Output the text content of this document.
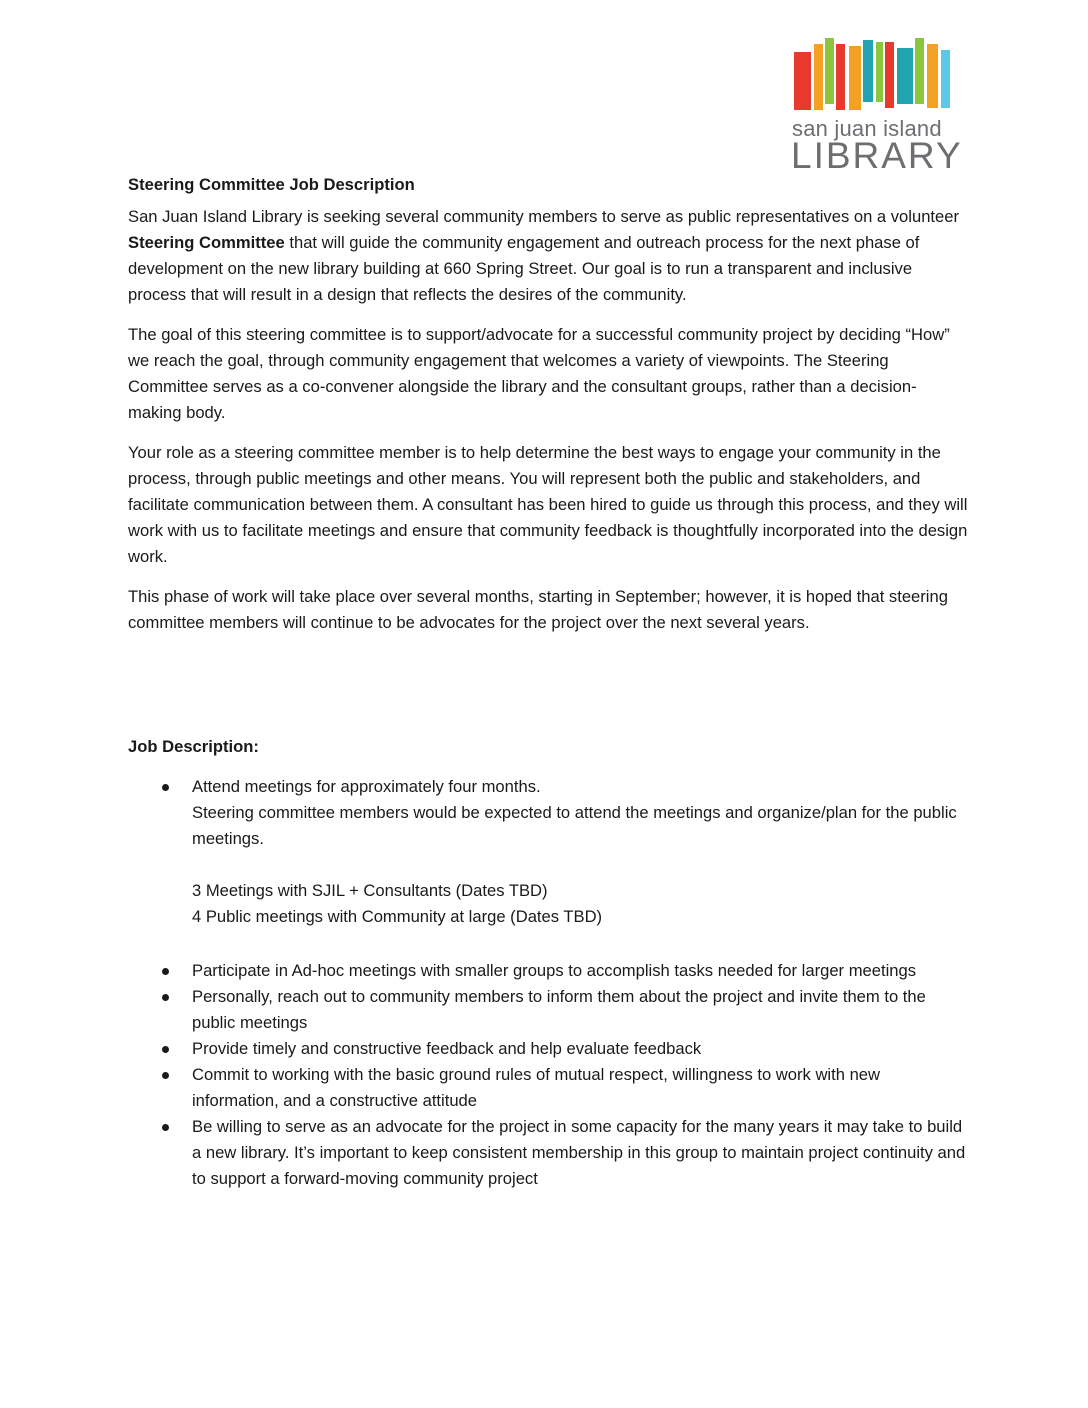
san juan island
LIBRARY
Steering Committee Job Description

San Juan Island Library is seeking several community members to serve as public representatives on a volunteer Steering Committee that will guide the community engagement and outreach process for the next phase of development on the new library building at 660 Spring Street. Our goal is to run a transparent and inclusive process that will result in a design that reflects the desires of the community.

The goal of this steering committee is to support/advocate for a successful community project by deciding “How” we reach the goal, through community engagement that welcomes a variety of viewpoints. The Steering Committee serves as a co-convener alongside the library and the consultant groups, rather than a decision-making body.

Your role as a steering committee member is to help determine the best ways to engage your community in the process, through public meetings and other means. You will represent both the public and stakeholders, and facilitate communication between them. A consultant has been hired to guide us through this process, and they will work with us to facilitate meetings and ensure that community feedback is thoughtfully incorporated into the design work.

This phase of work will take place over several months, starting in September; however, it is hoped that steering committee members will continue to be advocates for the project over the next several years.

Job Description:
Attend meetings for approximately four months.
Steering committee members would be expected to attend the meetings and organize/plan for the public meetings.
3 Meetings with SJIL + Consultants (Dates TBD)
4 Public meetings with Community at large (Dates TBD)
Participate in Ad-hoc meetings with smaller groups to accomplish tasks needed for larger meetings
Personally, reach out to community members to inform them about the project and invite them to the public meetings
Provide timely and constructive feedback and help evaluate feedback
Commit to working with the basic ground rules of mutual respect, willingness to work with new information, and a constructive attitude
Be willing to serve as an advocate for the project in some capacity for the many years it may take to build a new library. It’s important to keep consistent membership in this group to maintain project continuity and to support a forward-moving community project
